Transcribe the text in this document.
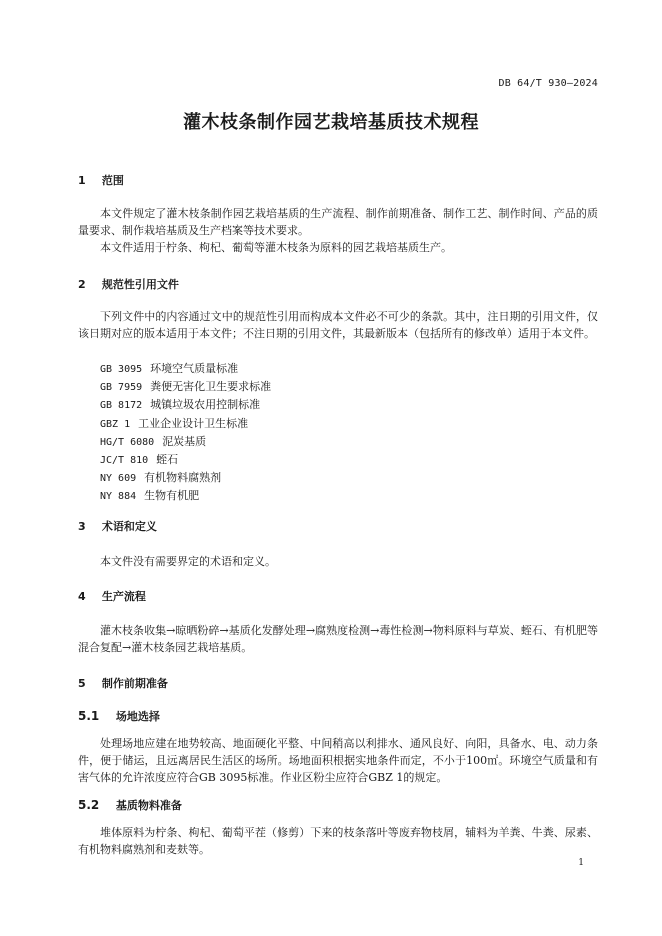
DB 64/T 930—2024
灌木枝条制作园艺栽培基质技术规程
1 范围
本文件规定了灌木枝条制作园艺栽培基质的生产流程、制作前期准备、制作工艺、制作时间、产品的质量要求、制作栽培基质及生产档案等技术要求。
本文件适用于柠条、枸杞、葡萄等灌木枝条为原料的园艺栽培基质生产。
2 规范性引用文件
下列文件中的内容通过文中的规范性引用而构成本文件必不可少的条款。其中，注日期的引用文件，仅该日期对应的版本适用于本文件；不注日期的引用文件，其最新版本（包括所有的修改单）适用于本文件。
GB 3095 环境空气质量标准
GB 7959 粪便无害化卫生要求标准
GB 8172 城镇垃圾农用控制标准
GBZ 1 工业企业设计卫生标准
HG/T 6080 泥炭基质
JC/T 810 蛭石
NY 609 有机物料腐熟剂
NY 884 生物有机肥
3 术语和定义
本文件没有需要界定的术语和定义。
4 生产流程
灌木枝条收集→晾晒粉碎→基质化发酵处理→腐熟度检测→毒性检测→物料原料与草炭、蛭石、有机肥等混合复配→灌木枝条园艺栽培基质。
5 制作前期准备
5.1 场地选择
处理场地应建在地势较高、地面硬化平整、中间稍高以利排水、通风良好、向阳，具备水、电、动力条件，便于储运，且远离居民生活区的场所。场地面积根据实地条件而定，不小于100㎡。环境空气质量和有害气体的允许浓度应符合GB 3095标准。作业区粉尘应符合GBZ 1的规定。
5.2 基质物料准备
堆体原料为柠条、枸杞、葡萄平茬（修剪）下来的枝条落叶等废弃物枝屑，辅料为羊粪、牛粪、尿素、有机物料腐熟剂和麦麸等。
1
